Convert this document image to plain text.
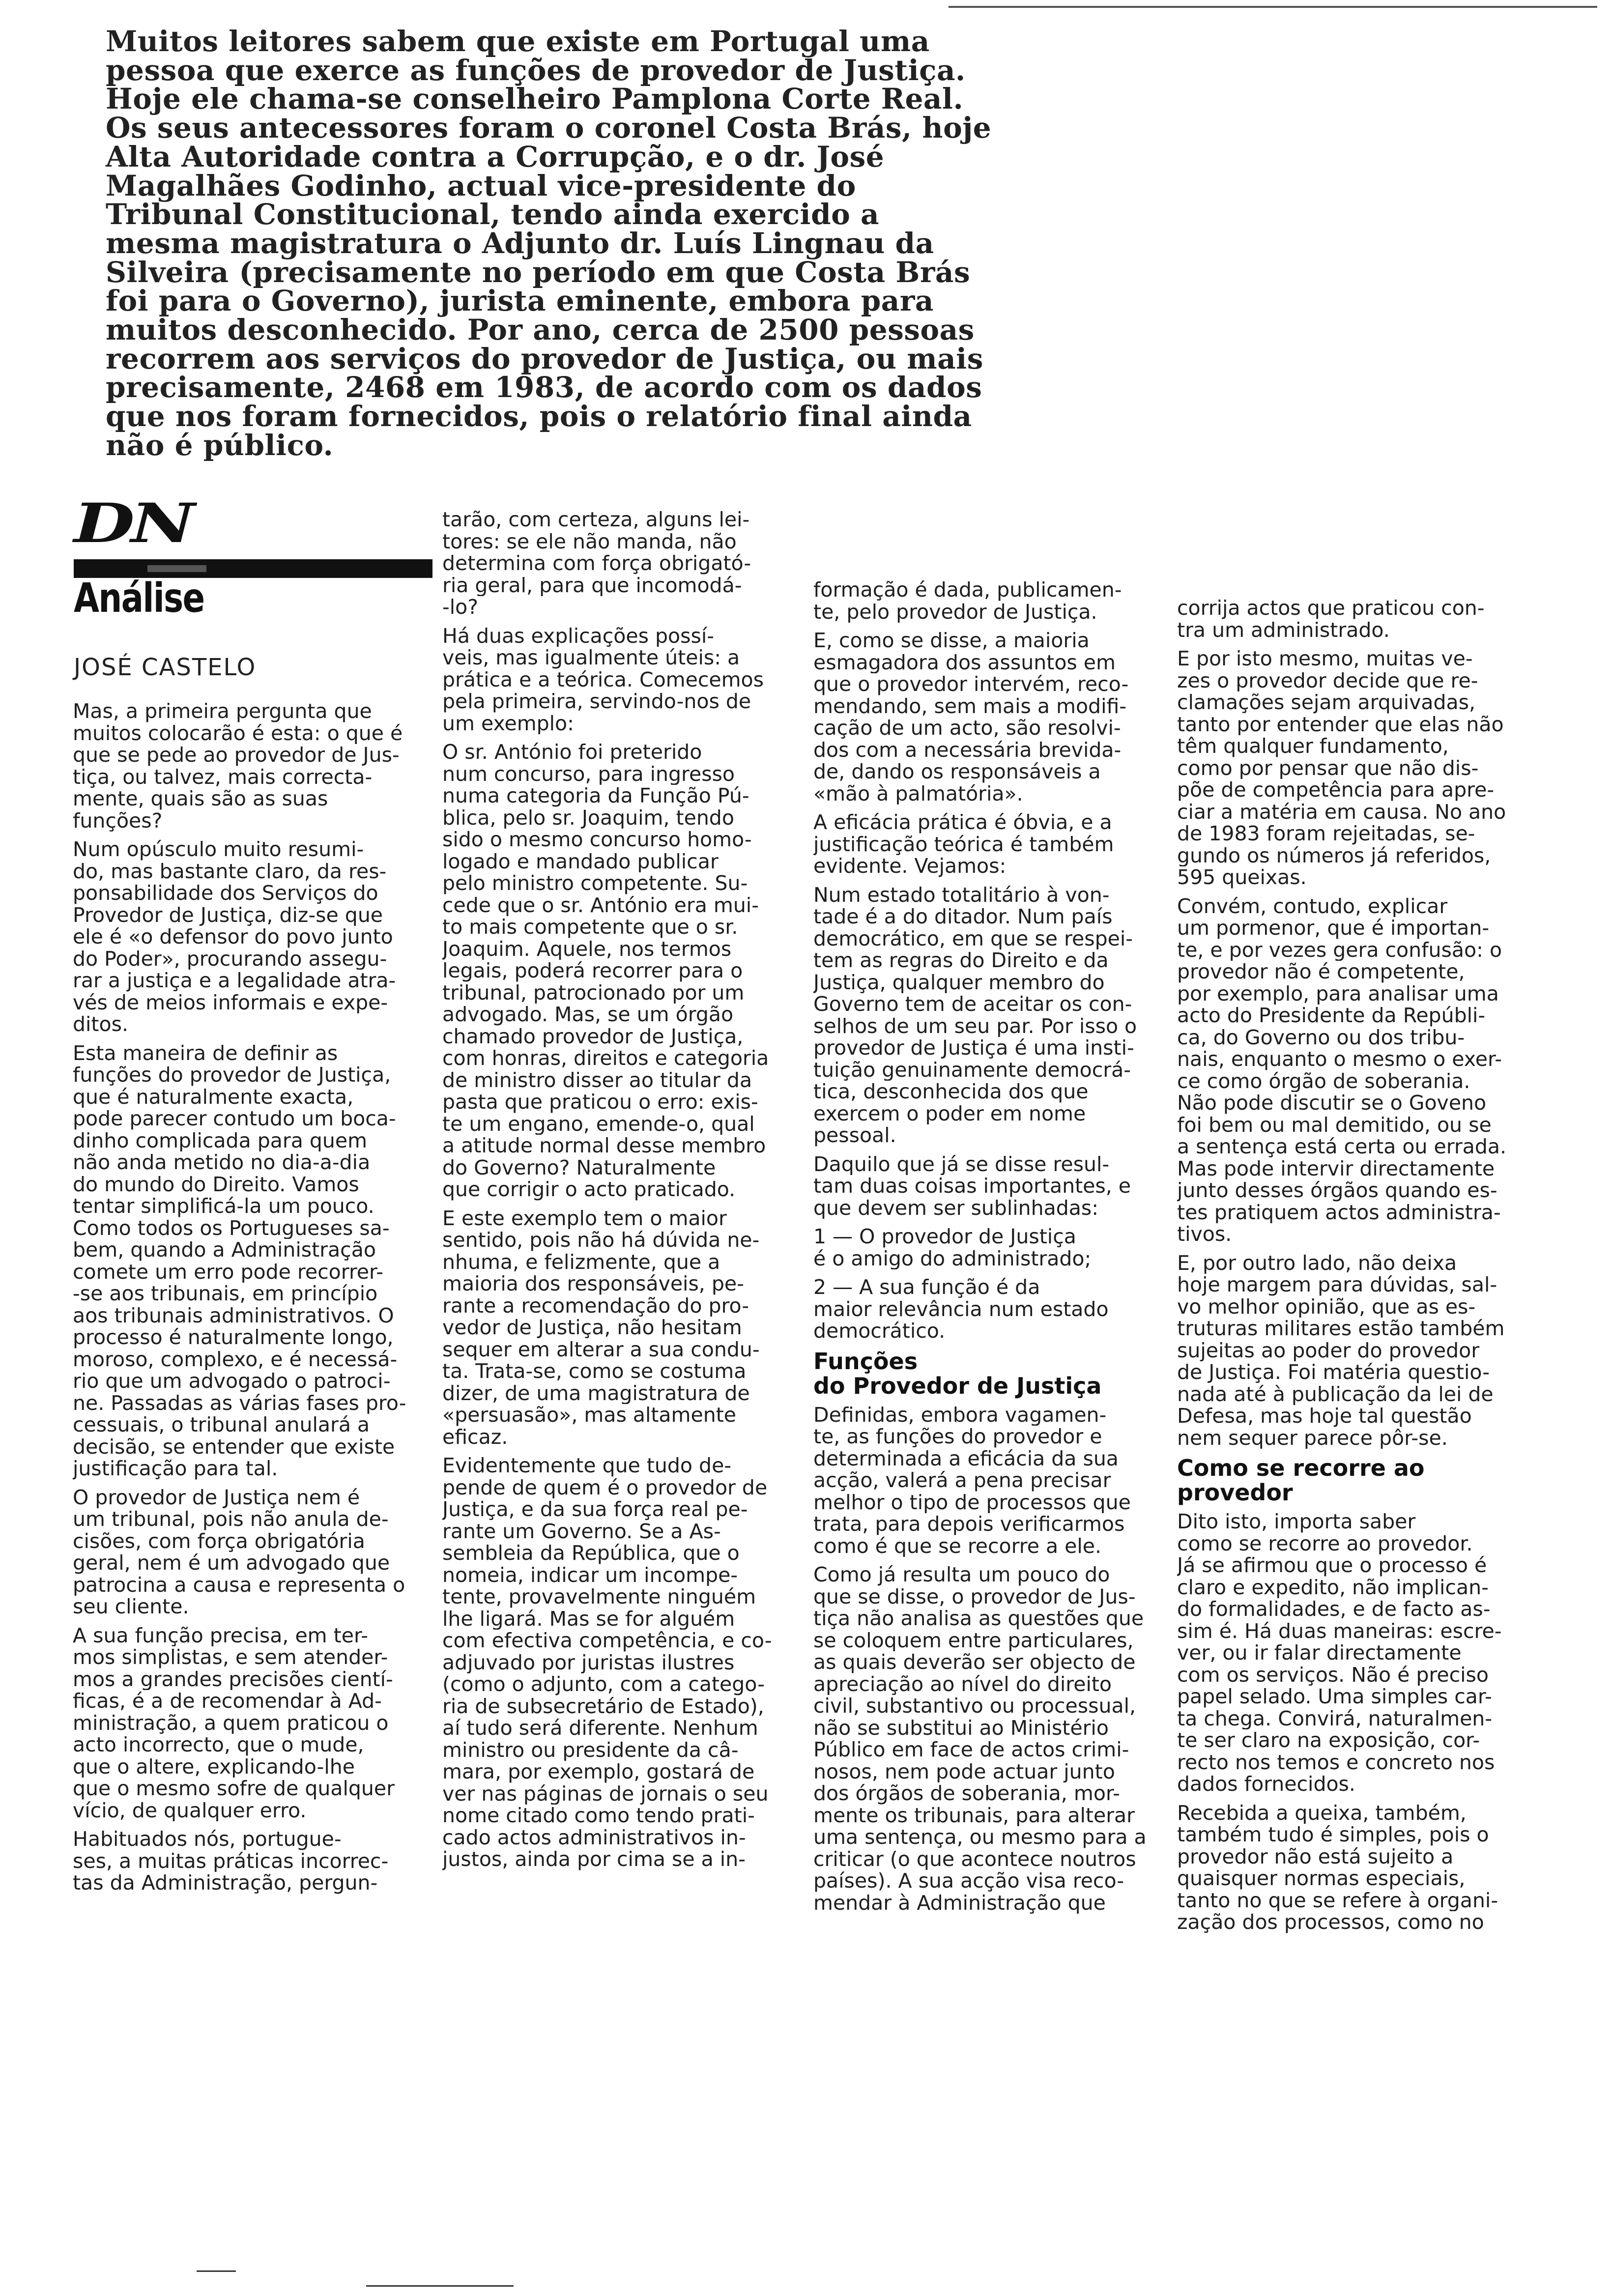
Muitos leitores sabem que existe em Portugal uma
pessoa que exerce as funções de provedor de Justiça.
Hoje ele chama-se conselheiro Pamplona Corte Real.
Os seus antecessores foram o coronel Costa Brás, hoje
Alta Autoridade contra a Corrupção, e o dr. José
Magalhães Godinho, actual vice-presidente do
Tribunal Constitucional, tendo ainda exercido a
mesma magistratura o Adjunto dr. Luís Lingnau da
Silveira (precisamente no período em que Costa Brás
foi para o Governo), jurista eminente, embora para
muitos desconhecido. Por ano, cerca de 2500 pessoas
recorrem aos serviços do provedor de Justiça, ou mais
precisamente, 2468 em 1983, de acordo com os dados
que nos foram fornecidos, pois o relatório final ainda
não é público.
DN
Análise
JOSÉ CASTELO
Mas, a primeira pergunta que
muitos colocarão é esta: o que é
que se pede ao provedor de Jus-
tiça, ou talvez, mais correcta-
mente, quais são as suas
funções?
Num opúsculo muito resumi-
do, mas bastante claro, da res-
ponsabilidade dos Serviços do
Provedor de Justiça, diz-se que
ele é «o defensor do povo junto
do Poder», procurando assegu-
rar a justiça e a legalidade atra-
vés de meios informais e expe-
ditos.
Esta maneira de definir as
funções do provedor de Justiça,
que é naturalmente exacta,
pode parecer contudo um boca-
dinho complicada para quem
não anda metido no dia-a-dia
do mundo do Direito. Vamos
tentar simplificá-la um pouco.
Como todos os Portugueses sa-
bem, quando a Administração
comete um erro pode recorrer-
-se aos tribunais, em princípio
aos tribunais administrativos. O
processo é naturalmente longo,
moroso, complexo, e é necessá-
rio que um advogado o patroci-
ne. Passadas as várias fases pro-
cessuais, o tribunal anulará a
decisão, se entender que existe
justificação para tal.
O provedor de Justiça nem é
um tribunal, pois não anula de-
cisões, com força obrigatória
geral, nem é um advogado que
patrocina a causa e representa o
seu cliente.
A sua função precisa, em ter-
mos simplistas, e sem atender-
mos a grandes precisões cientí-
ficas, é a de recomendar à Ad-
ministração, a quem praticou o
acto incorrecto, que o mude,
que o altere, explicando-lhe
que o mesmo sofre de qualquer
vício, de qualquer erro.
Habituados nós, portugue-
ses, a muitas práticas incorrec-
tas da Administração, pergun-
tarão, com certeza, alguns lei-
tores: se ele não manda, não
determina com força obrigató-
ria geral, para que incomodá-
-lo?
Há duas explicações possí-
veis, mas igualmente úteis: a
prática e a teórica. Comecemos
pela primeira, servindo-nos de
um exemplo:
O sr. António foi preterido
num concurso, para ingresso
numa categoria da Função Pú-
blica, pelo sr. Joaquim, tendo
sido o mesmo concurso homo-
logado e mandado publicar
pelo ministro competente. Su-
cede que o sr. António era mui-
to mais competente que o sr.
Joaquim. Aquele, nos termos
legais, poderá recorrer para o
tribunal, patrocionado por um
advogado. Mas, se um órgão
chamado provedor de Justiça,
com honras, direitos e categoria
de ministro disser ao titular da
pasta que praticou o erro: exis-
te um engano, emende-o, qual
a atitude normal desse membro
do Governo? Naturalmente
que corrigir o acto praticado.
E este exemplo tem o maior
sentido, pois não há dúvida ne-
nhuma, e felizmente, que a
maioria dos responsáveis, pe-
rante a recomendação do pro-
vedor de Justiça, não hesitam
sequer em alterar a sua condu-
ta. Trata-se, como se costuma
dizer, de uma magistratura de
«persuasão», mas altamente
eficaz.
Evidentemente que tudo de-
pende de quem é o provedor de
Justiça, e da sua força real pe-
rante um Governo. Se a As-
sembleia da República, que o
nomeia, indicar um incompe-
tente, provavelmente ninguém
lhe ligará. Mas se for alguém
com efectiva competência, e co-
adjuvado por juristas ilustres
(como o adjunto, com a catego-
ria de subsecretário de Estado),
aí tudo será diferente. Nenhum
ministro ou presidente da câ-
mara, por exemplo, gostará de
ver nas páginas de jornais o seu
nome citado como tendo prati-
cado actos administrativos in-
justos, ainda por cima se a in-
formação é dada, publicamen-
te, pelo provedor de Justiça.
E, como se disse, a maioria
esmagadora dos assuntos em
que o provedor intervém, reco-
mendando, sem mais a modifi-
cação de um acto, são resolvi-
dos com a necessária brevida-
de, dando os responsáveis a
«mão à palmatória».
A eficácia prática é óbvia, e a
justificação teórica é também
evidente. Vejamos:
Num estado totalitário à von-
tade é a do ditador. Num país
democrático, em que se respei-
tem as regras do Direito e da
Justiça, qualquer membro do
Governo tem de aceitar os con-
selhos de um seu par. Por isso o
provedor de Justiça é uma insti-
tuição genuinamente democrá-
tica, desconhecida dos que
exercem o poder em nome
pessoal.
Daquilo que já se disse resul-
tam duas coisas importantes, e
que devem ser sublinhadas:
1 — O provedor de Justiça
é o amigo do administrado;
2 — A sua função é da
maior relevância num estado
democrático.
Funções
do Provedor de Justiça
Definidas, embora vagamen-
te, as funções do provedor e
determinada a eficácia da sua
acção, valerá a pena precisar
melhor o tipo de processos que
trata, para depois verificarmos
como é que se recorre a ele.
Como já resulta um pouco do
que se disse, o provedor de Jus-
tiça não analisa as questões que
se coloquem entre particulares,
as quais deverão ser objecto de
apreciação ao nível do direito
civil, substantivo ou processual,
não se substitui ao Ministério
Público em face de actos crimi-
nosos, nem pode actuar junto
dos órgãos de soberania, mor-
mente os tribunais, para alterar
uma sentença, ou mesmo para a
criticar (o que acontece noutros
países). A sua acção visa reco-
mendar à Administração que
corrija actos que praticou con-
tra um administrado.
E por isto mesmo, muitas ve-
zes o provedor decide que re-
clamações sejam arquivadas,
tanto por entender que elas não
têm qualquer fundamento,
como por pensar que não dis-
põe de competência para apre-
ciar a matéria em causa. No ano
de 1983 foram rejeitadas, se-
gundo os números já referidos,
595 queixas.
Convém, contudo, explicar
um pormenor, que é importan-
te, e por vezes gera confusão: o
provedor não é competente,
por exemplo, para analisar uma
acto do Presidente da Repúbli-
ca, do Governo ou dos tribu-
nais, enquanto o mesmo o exer-
ce como órgão de soberania.
Não pode discutir se o Goveno
foi bem ou mal demitido, ou se
a sentença está certa ou errada.
Mas pode intervir directamente
junto desses órgãos quando es-
tes pratiquem actos administra-
tivos.
E, por outro lado, não deixa
hoje margem para dúvidas, sal-
vo melhor opinião, que as es-
truturas militares estão também
sujeitas ao poder do provedor
de Justiça. Foi matéria questio-
nada até à publicação da lei de
Defesa, mas hoje tal questão
nem sequer parece pôr-se.
Como se recorre ao
provedor
Dito isto, importa saber
como se recorre ao provedor.
Já se afirmou que o processo é
claro e expedito, não implican-
do formalidades, e de facto as-
sim é. Há duas maneiras: escre-
ver, ou ir falar directamente
com os serviços. Não é preciso
papel selado. Uma simples car-
ta chega. Convirá, naturalmen-
te ser claro na exposição, cor-
recto nos temos e concreto nos
dados fornecidos.
Recebida a queixa, também,
também tudo é simples, pois o
provedor não está sujeito a
quaisquer normas especiais,
tanto no que se refere à organi-
zação dos processos, como no
